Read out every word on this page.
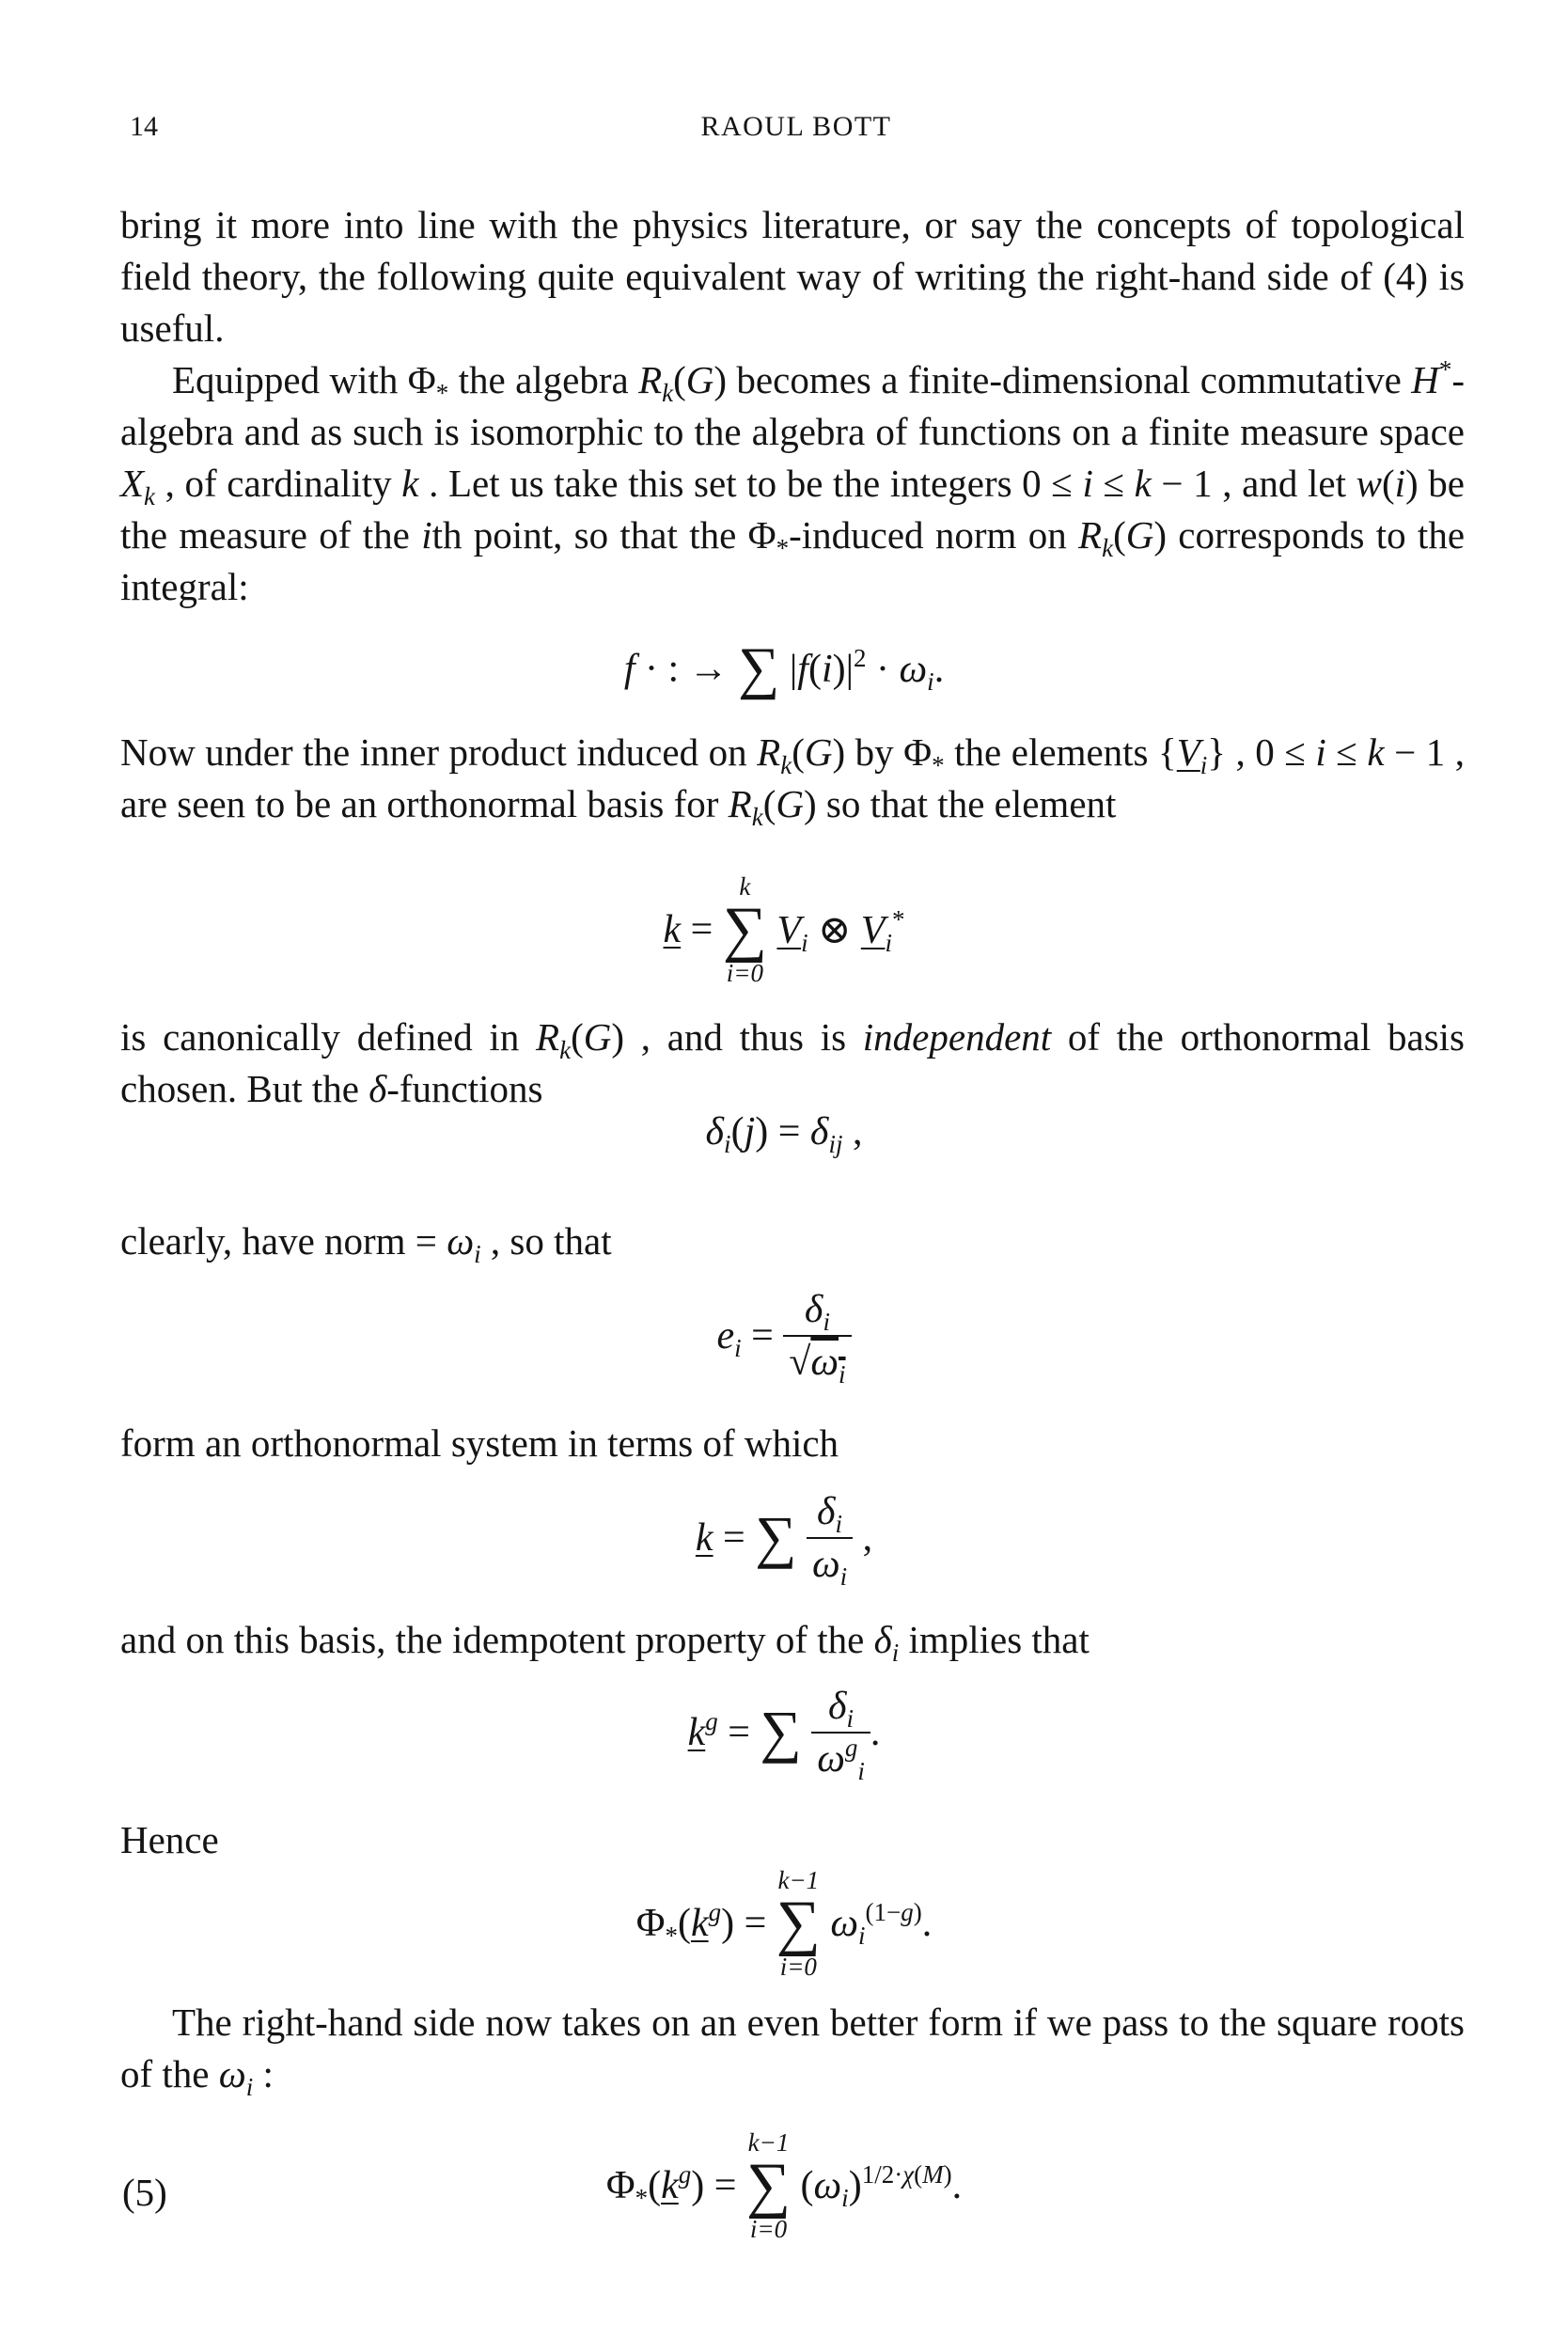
14	RAOUL BOTT

bring it more into line with the physics literature, or say the concepts of topological field theory, the following quite equivalent way of writing the right-hand side of (4) is useful.

Equipped with $\Phi_*$ the algebra $R_k(G)$ becomes a finite-dimensional commutative H*-algebra and as such is isomorphic to the algebra of functions on a finite measure space $X_k$ , of cardinality k . Let us take this set to be the integers 0 ≤ i ≤ k − 1 , and let w(i) be the measure of the ith point, so that the $\Phi_*$-induced norm on $R_k(G)$ corresponds to the integral:

f · : → ∑ $|f(i)|^2 \cdot \omega_i$.

Now under the inner product induced on $R_k(G)$ by $\Phi_*$ the elements $\{V_i\}$ , 0 ≤ i ≤ k − 1 , are seen to be an orthonormal basis for $R_k(G)$ so that the element

k =
k
∑
i=0
$V_i$ ⊗ $V_i^*$

is canonically defined in $R_k(G)$ , and thus is independent of the orthonormal basis chosen. But the δ-functions

$\delta_i(j) = \delta_{ij}$ ,

clearly, have norm = $\omega_i$ , so that

$e_i = \frac{\delta_i}{√\omega_i}$

form an orthonormal system in terms of which

k = ∑ $\frac{\delta_i}{\omega_i}$ ,

and on this basis, the idempotent property of the $\delta_i$ implies that

$k^g$ = ∑ $\frac{\delta_i}{\omega^g_i}$ .

Hence

$\Phi_*(k^g)$ =
k−1
∑
i=0
$\omega_i^{(1-g)}$.

The right-hand side now takes on an even better form if we pass to the square roots of the $\omega_i$ :

(5)	$\Phi_*(k^g)$ =
k−1
∑
i=0
$(\omega_i)^{1/2\cdot\chi(M)}$.
